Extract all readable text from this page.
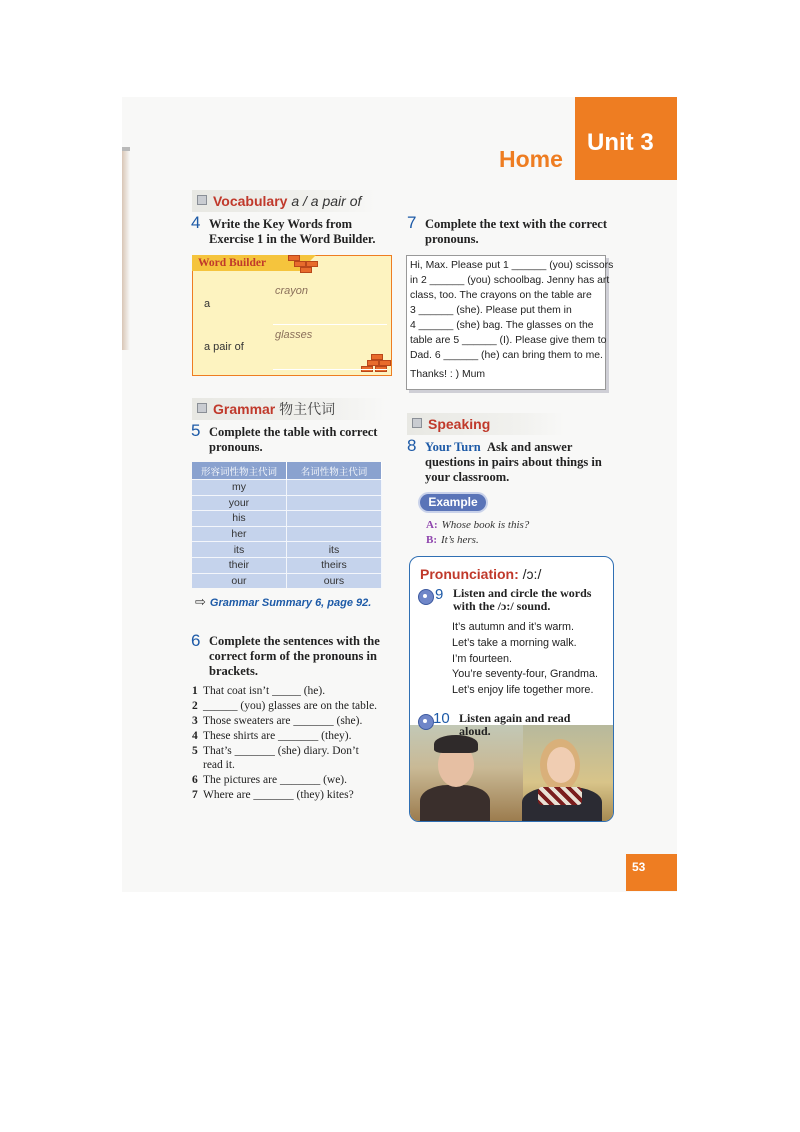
Unit 3
Home
Vocabulary a / a pair of
4 Write the Key Words from
Exercise 1 in the Word Builder.
Word Builder
a
crayon
a pair of
glasses
Grammar 物主代词
5 Complete the table with correct
pronouns.
形容词性物主代词	名词性物主代词
my	
your	
his	
her	
its	its
their	theirs
our	ours
⇨ Grammar Summary 6, page 92.
6 Complete the sentences with the
correct form of the pronouns in
brackets.
1 That coat isn’t _____ (he).
2 ______ (you) glasses are on the table.
3 Those sweaters are _______ (she).
4 These shirts are _______ (they).
5 That’s _______ (she) diary. Don’t
read it.
6 The pictures are _______ (we).
7 Where are _______ (they) kites?
7 Complete the text with the correct
pronouns.

Hi, Max. Please put 1 ______ (you) scissors

in 2 ______ (you) schoolbag. Jenny has art

class, too. The crayons on the table are

3 ______ (she). Please put them in

4 ______ (she) bag. The glasses on the

table are 5 ______ (I). Please give them to

Dad. 6 ______ (he) can bring them to me.

Thanks! : ) Mum

Speaking
8 Your Turn Ask and answer
questions in pairs about things in
your classroom.
Example
A: Whose book is this?
B: It’s hers.
Pronunciation: /ɔ:/
9 Listen and circle the words
with the /ɔ:/ sound.
It’s autumn and it’s warm.
Let’s take a morning walk.
I’m fourteen.
You’re seventy-four, Grandma.
Let’s enjoy life together more.
10 Listen again and read
aloud.
53
